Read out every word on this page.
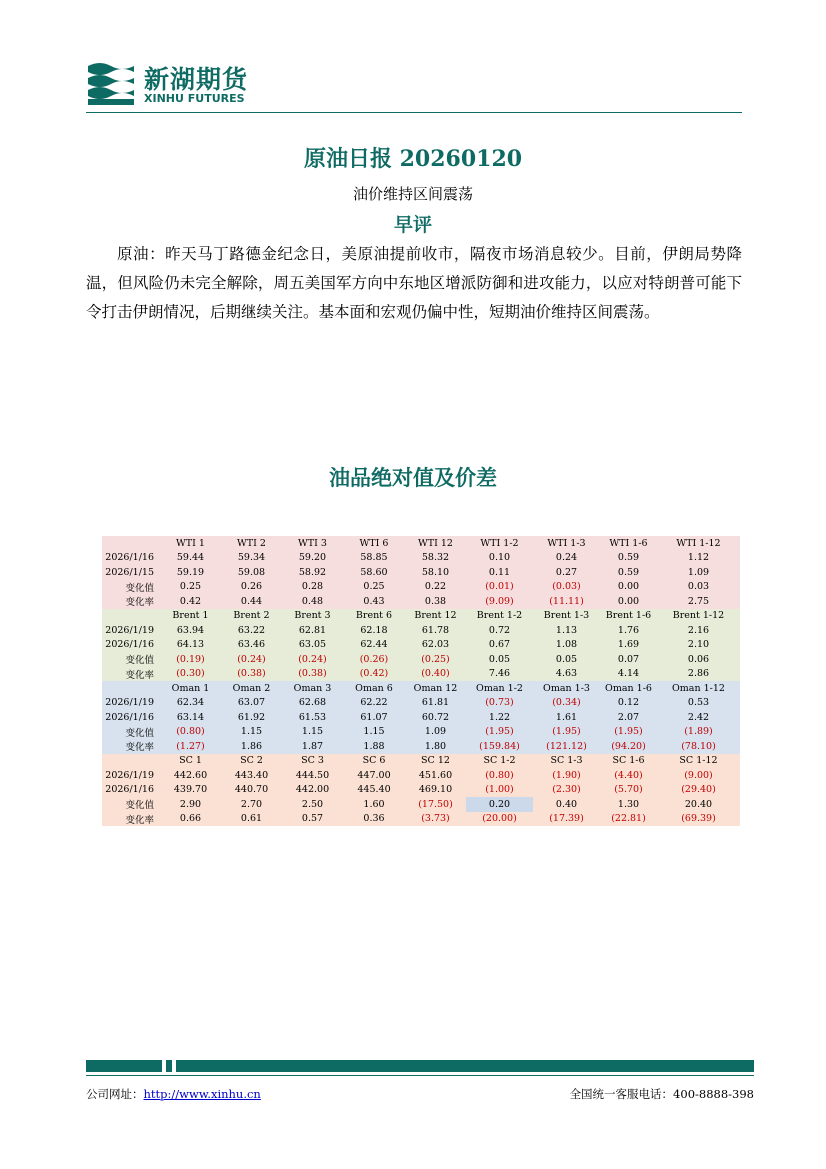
新湖期货
XINHU FUTURES
原油日报 20260120
油价维持区间震荡
早评
原油：昨天马丁路德金纪念日，美原油提前收市，隔夜市场消息较少。目前，伊朗局势降温，但风险仍未完全解除，周五美国军方向中东地区增派防御和进攻能力，以应对特朗普可能下令打击伊朗情况，后期继续关注。基本面和宏观仍偏中性，短期油价维持区间震荡。
油品绝对值及价差
	WTI 1	WTI 2	WTI 3	WTI 6	WTI 12	WTI 1-2	WTI 1-3	WTI 1-6	WTI 1-12
2026/1/16	59.44	59.34	59.20	58.85	58.32	0.10	0.24	0.59	1.12
2026/1/15	59.19	59.08	58.92	58.60	58.10	0.11	0.27	0.59	1.09
变化值	0.25	0.26	0.28	0.25	0.22	(0.01)	(0.03)	0.00	0.03
变化率	0.42	0.44	0.48	0.43	0.38	(9.09)	(11.11)	0.00	2.75
	Brent 1	Brent 2	Brent 3	Brent 6	Brent 12	Brent 1-2	Brent 1-3	Brent 1-6	Brent 1-12
2026/1/19	63.94	63.22	62.81	62.18	61.78	0.72	1.13	1.76	2.16
2026/1/16	64.13	63.46	63.05	62.44	62.03	0.67	1.08	1.69	2.10
变化值	(0.19)	(0.24)	(0.24)	(0.26)	(0.25)	0.05	0.05	0.07	0.06
变化率	(0.30)	(0.38)	(0.38)	(0.42)	(0.40)	7.46	4.63	4.14	2.86
	Oman 1	Oman 2	Oman 3	Oman 6	Oman 12	Oman 1-2	Oman 1-3	Oman 1-6	Oman 1-12
2026/1/19	62.34	63.07	62.68	62.22	61.81	(0.73)	(0.34)	0.12	0.53
2026/1/16	63.14	61.92	61.53	61.07	60.72	1.22	1.61	2.07	2.42
变化值	(0.80)	1.15	1.15	1.15	1.09	(1.95)	(1.95)	(1.95)	(1.89)
变化率	(1.27)	1.86	1.87	1.88	1.80	(159.84)	(121.12)	(94.20)	(78.10)
	SC 1	SC 2	SC 3	SC 6	SC 12	SC 1-2	SC 1-3	SC 1-6	SC 1-12
2026/1/19	442.60	443.40	444.50	447.00	451.60	(0.80)	(1.90)	(4.40)	(9.00)
2026/1/16	439.70	440.70	442.00	445.40	469.10	(1.00)	(2.30)	(5.70)	(29.40)
变化值	2.90	2.70	2.50	1.60	(17.50)	0.20	0.40	1.30	20.40
变化率	0.66	0.61	0.57	0.36	(3.73)	(20.00)	(17.39)	(22.81)	(69.39)
公司网址：http://www.xinhu.cn	全国统一客服电话：400-8888-398
